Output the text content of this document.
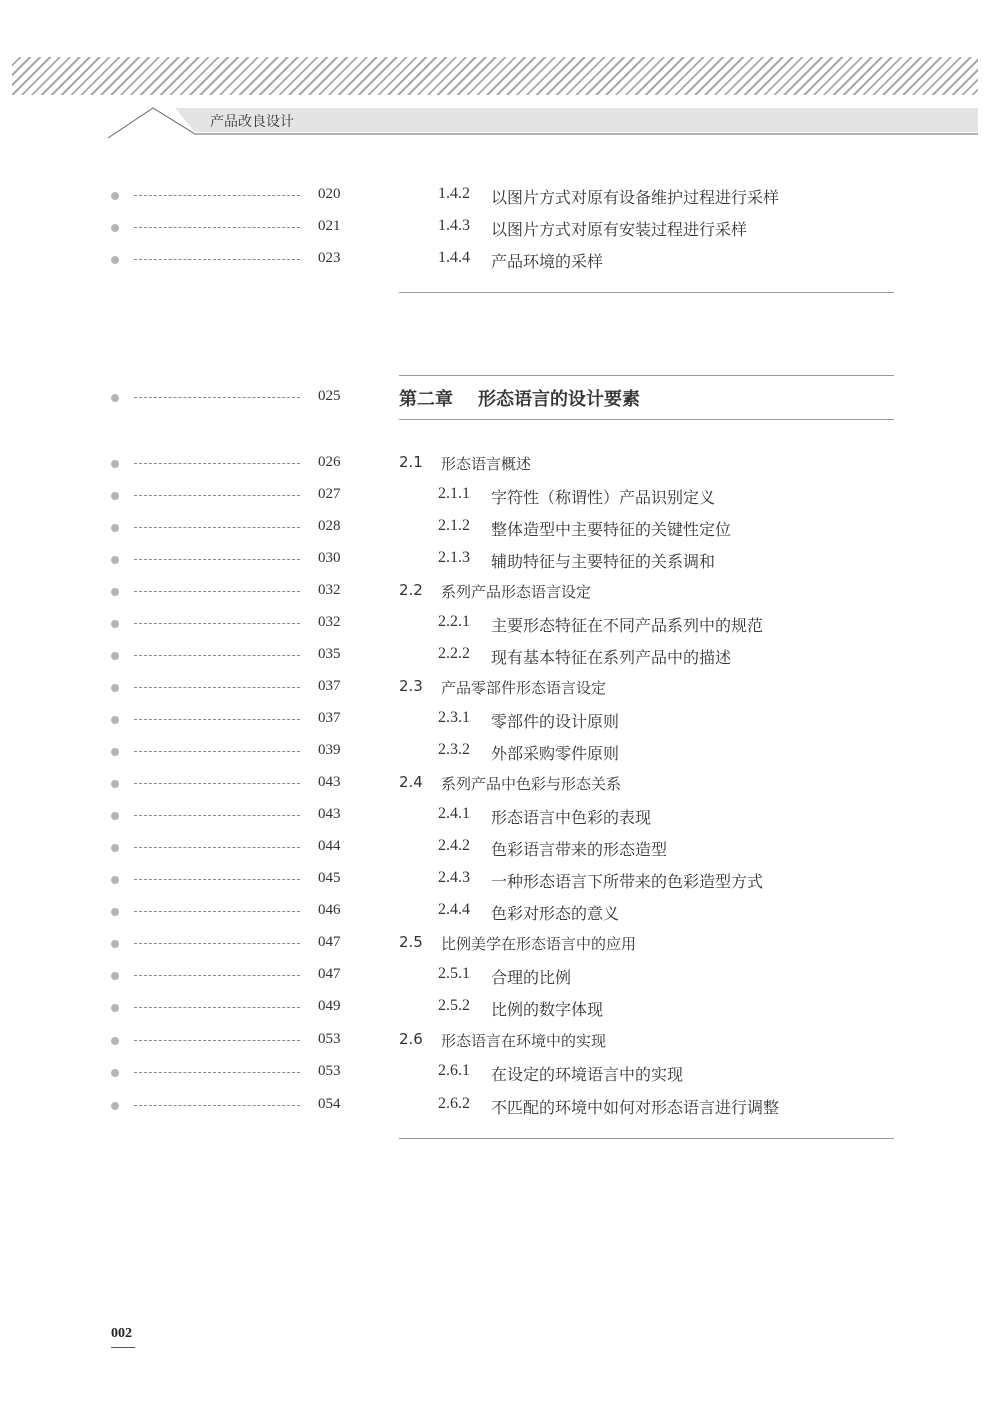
产品改良设计
020	1.4.2 以图片方式对原有设备维护过程进行采样
021	1.4.3 以图片方式对原有安装过程进行采样
023	1.4.4 产品环境的采样
025	第二章 形态语言的设计要素
026	2.1 形态语言概述
027	2.1.1 字符性（称谓性）产品识别定义
028	2.1.2 整体造型中主要特征的关键性定位
030	2.1.3 辅助特征与主要特征的关系调和
032	2.2 系列产品形态语言设定
032	2.2.1 主要形态特征在不同产品系列中的规范
035	2.2.2 现有基本特征在系列产品中的描述
037	2.3 产品零部件形态语言设定
037	2.3.1 零部件的设计原则
039	2.3.2 外部采购零件原则
043	2.4 系列产品中色彩与形态关系
043	2.4.1 形态语言中色彩的表现
044	2.4.2 色彩语言带来的形态造型
045	2.4.3 一种形态语言下所带来的色彩造型方式
046	2.4.4 色彩对形态的意义
047	2.5 比例美学在形态语言中的应用
047	2.5.1 合理的比例
049	2.5.2 比例的数字体现
053	2.6 形态语言在环境中的实现
053	2.6.1 在设定的环境语言中的实现
054	2.6.2 不匹配的环境中如何对形态语言进行调整
002
